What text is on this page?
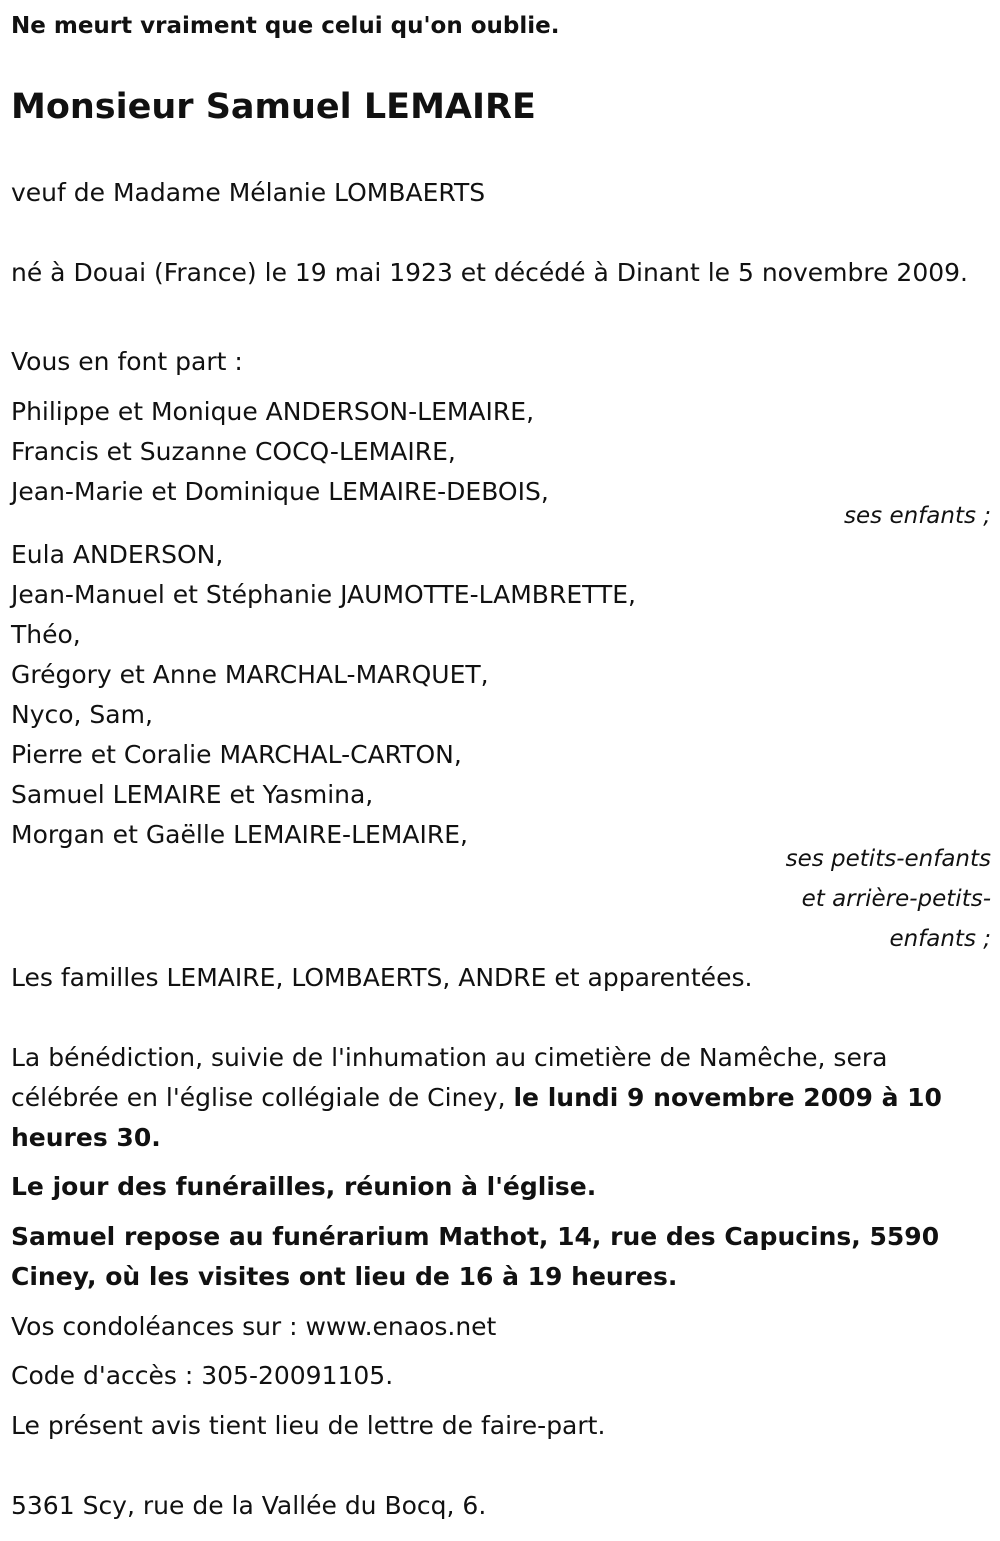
Ne meurt vraiment que celui qu'on oublie.

Monsieur Samuel LEMAIRE

veuf de Madame Mélanie LOMBAERTS

né à Douai (France) le 19 mai 1923 et décédé à Dinant le 5 novembre 2009.

Vous en font part :

Philippe et Monique ANDERSON-LEMAIRE,
Francis et Suzanne COCQ-LEMAIRE,
Jean-Marie et Dominique LEMAIRE-DEBOIS,

ses enfants ;

Eula ANDERSON,
Jean-Manuel et Stéphanie JAUMOTTE-LAMBRETTE,
Théo,
Grégory et Anne MARCHAL-MARQUET,
Nyco, Sam,
Pierre et Coralie MARCHAL-CARTON,
Samuel LEMAIRE et Yasmina,
Morgan et Gaëlle LEMAIRE-LEMAIRE,

ses petits-enfants et arrière-petits-enfants ;

Les familles LEMAIRE, LOMBAERTS, ANDRE et apparentées.

La bénédiction, suivie de l'inhumation au cimetière de Namêche, sera célébrée en l'église collégiale de Ciney, le lundi 9 novembre 2009 à 10 heures 30.

Le jour des funérailles, réunion à l'église.

Samuel repose au funérarium Mathot, 14, rue des Capucins, 5590 Ciney, où les visites ont lieu de 16 à 19 heures.

Vos condoléances sur : www.enaos.net

Code d'accès : 305-20091105.

Le présent avis tient lieu de lettre de faire-part.

5361 Scy, rue de la Vallée du Bocq, 6.
